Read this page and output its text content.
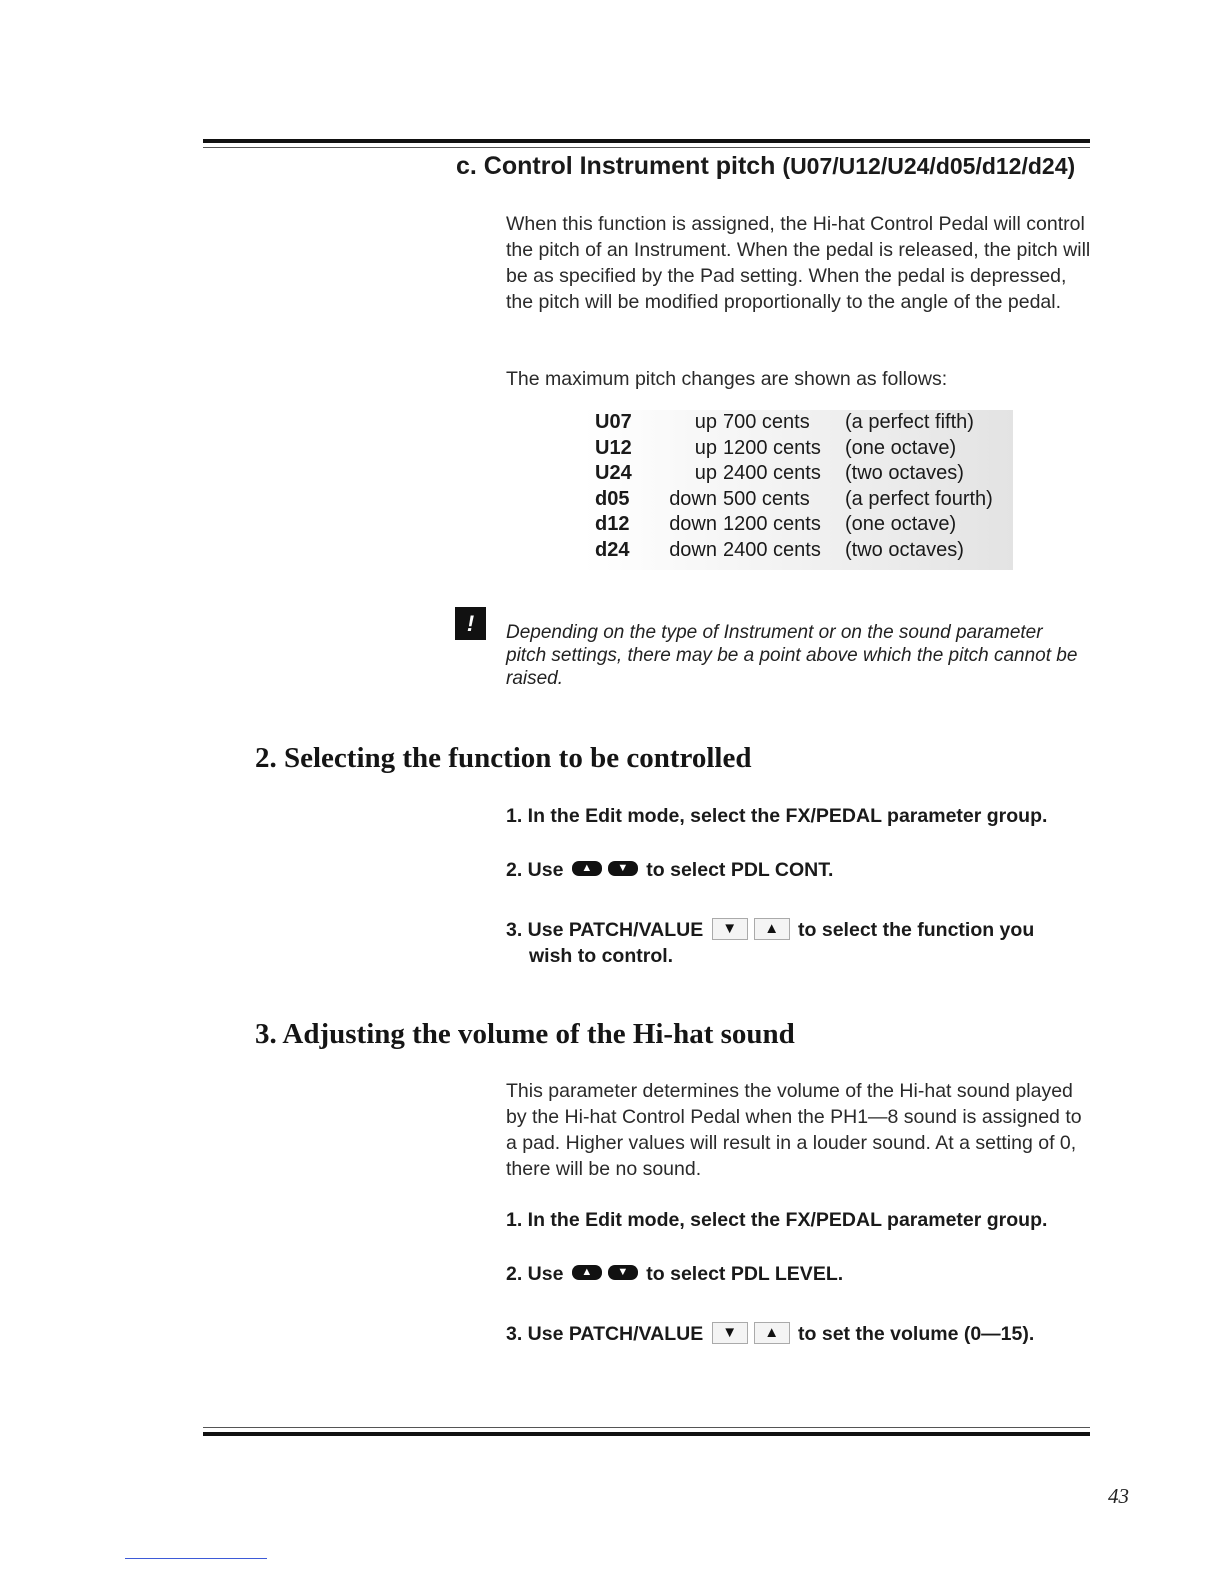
c. Control Instrument pitch (U07/U12/U24/d05/d12/d24)

When this function is assigned, the Hi-hat Control Pedal will control the pitch of an Instrument. When the pedal is released, the pitch will be as specified by the Pad setting. When the pedal is depressed, the pitch will be modified proportionally to the angle of the pedal.

The maximum pitch changes are shown as follows:

U07	up	700 cents	(a perfect fifth)
U12	up	1200 cents	(one octave)
U24	up	2400 cents	(two octaves)
d05	down	500 cents	(a perfect fourth)
d12	down	1200 cents	(one octave)
d24	down	2400 cents	(two octaves)
!	Depending on the type of Instrument or on the sound parameter pitch settings, there may be a point above which the pitch cannot be raised.

2. Selecting the function to be controlled

1. In the Edit mode, select the FX/PEDAL parameter group.

2. Use ▲ ▼ to select PDL CONT.

3. Use PATCH/VALUE ▼ ▲ to select the function you
wish to control.

3. Adjusting the volume of the Hi-hat sound

This parameter determines the volume of the Hi-hat sound played by the Hi-hat Control Pedal when the PH1—8 sound is assigned to a pad. Higher values will result in a louder sound. At a setting of 0, there will be no sound.

1. In the Edit mode, select the FX/PEDAL parameter group.

2. Use ▲ ▼ to select PDL LEVEL.

3. Use PATCH/VALUE ▼ ▲ to set the volume (0—15).

43
